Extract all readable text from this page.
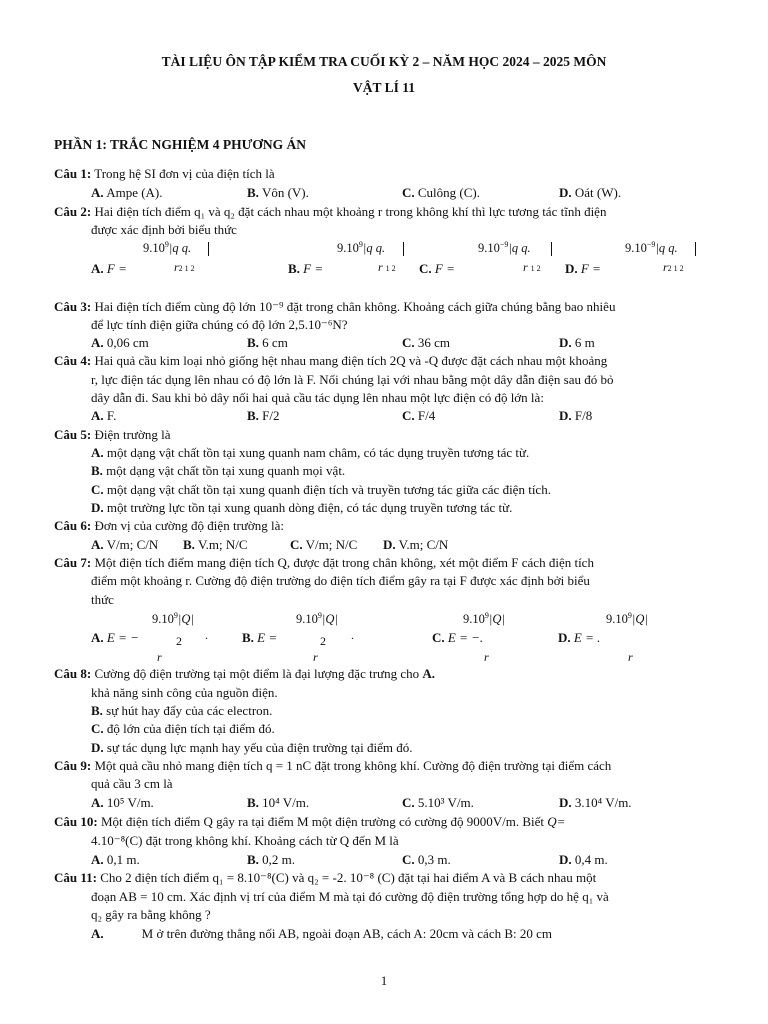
TÀI LIỆU ÔN TẬP KIỂM TRA CUỐI KỲ 2 – NĂM HỌC 2024 – 2025 MÔN
VẬT LÍ 11
PHẦN 1: TRẮC NGHIỆM 4 PHƯƠNG ÁN
Câu 1: Trong hệ SI đơn vị của điện tích là
A. Ampe (A).	B. Vôn (V).	C. Culông (C).	D. Oát (W).
Câu 2: Hai điện tích điểm q₁ và q₂ đặt cách nhau một khoảng r trong không khí thì lực tương tác tĩnh điện
được xác định bởi biểu thức
9.10$^9$|q q.
A. F =	r2 1 2
9.10$^9$|q q.
B. F =	r 1 2
$9.10^{-9}|q$ q.
C. F =	r 1 2
$9.10^{-9}|q$ q.
D. F =	r2 1 2
Câu 3: Hai điện tích điểm cùng độ lớn 10⁻⁹ đặt trong chân không. Khoảng cách giữa chúng bằng bao nhiêu
để lực tính điện giữa chúng có độ lớn 2,5.10⁻⁶N?
A. 0,06 cm	B. 6 cm	C. 36 cm	D. 6 m
Câu 4: Hai quả cầu kim loại nhỏ giống hệt nhau mang điện tích 2Q và -Q được đặt cách nhau một khoảng
r, lực điện tác dụng lên nhau có độ lớn là F. Nối chúng lại với nhau bằng một dây dẫn điện sau đó bỏ
dây dẫn đi. Sau khi bỏ dây nối hai quả cầu tác dụng lên nhau một lực điện có độ lớn là:
A. F.	B. F/2	C. F/4	D. F/8
Câu 5: Điện trường là
A. một dạng vật chất tồn tại xung quanh nam châm, có tác dụng truyền tương tác từ.
B. một dạng vật chất tồn tại xung quanh mọi vật.
C. một dạng vật chất tồn tại xung quanh điện tích và truyền tương tác giữa các điện tích.
D. một trường lực tồn tại xung quanh dòng điện, có tác dụng truyền tương tác từ.
Câu 6: Đơn vị của cường độ điện trường là:
A. V/m; C/N B. V.m; N/C	C. V/m; N/C D. V.m; C/N
Câu 7: Một điện tích điểm mang điện tích Q, được đặt trong chân không, xét một điểm F cách điện tích
điểm một khoảng r. Cường độ điện trường do điện tích điểm gây ra tại F được xác định bởi biểu
thức
9.10$^9$|Q|
A. E = −	2 .
r
9.10$^9$|Q|
B. E =	2 .
r
9.10$^9$|Q|
C. E = −.
r
9.10$^9$|Q|
D. E = .
r
Câu 8: Cường độ điện trường tại một điểm là đại lượng đặc trưng cho A.
khả năng sinh công của nguồn điện.
B. sự hút hay đẩy của các electron.
C. độ lớn của điện tích tại điểm đó.
D. sự tác dụng lực mạnh hay yếu của điện trường tại điểm đó.
Câu 9: Một quả cầu nhỏ mang điện tích q = 1 nC đặt trong không khí. Cường độ điện trường tại điểm cách
quả cầu 3 cm là
A. 10⁵ V/m.	B. 10⁴ V/m.	C. 5.10³ V/m.	D. 3.10⁴ V/m.
Câu 10: Một điện tích điểm Q gây ra tại điểm M một điện trường có cường độ 9000V/m. Biết Q=
4.10⁻⁸(C) đặt trong không khí. Khoảng cách từ Q đến M là
A. 0,1 m.	B. 0,2 m.	C. 0,3 m.	D. 0,4 m.
Câu 11: Cho 2 điện tích điểm q₁ = 8.10⁻⁸(C) và q₂ = -2. 10⁻⁸ (C) đặt tại hai điểm A và B cách nhau một
đoạn AB = 10 cm. Xác định vị trí của điểm M mà tại đó cường độ điện trường tổng hợp do hệ q₁ và
q₂ gây ra bằng không ?
A.	M ở trên đường thẳng nối AB, ngoài đoạn AB, cách A: 20cm và cách B: 20 cm
1
